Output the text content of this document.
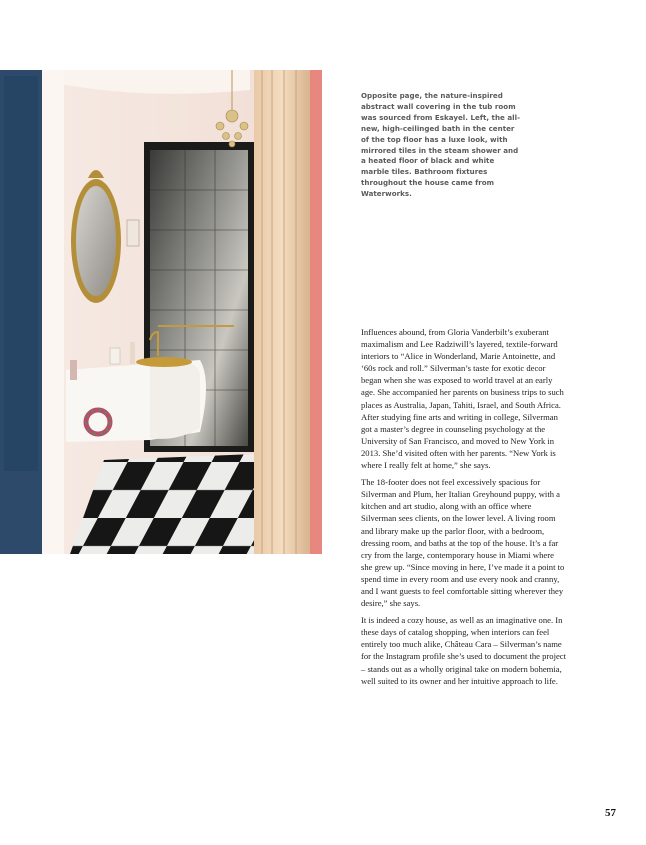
Opposite page, the nature-inspired abstract wall covering in the tub room was sourced from Eskayel. Left, the all-new, high-ceilinged bath in the center of the top floor has a luxe look, with mirrored tiles in the steam shower and a heated floor of black and white marble tiles. Bathroom fixtures throughout the house came from Waterworks.

Influences abound, from Gloria Vanderbilt’s exuberant maximalism and Lee Radziwill’s layered, textile-forward interiors to “Alice in Wonderland, Marie Antoinette, and ‘60s rock and roll.” Silverman’s taste for exotic decor began when she was exposed to world travel at an early age. She accompanied her parents on business trips to such places as Australia, Japan, Tahiti, Israel, and South Africa. After studying fine arts and writing in college, Silverman got a master’s degree in counseling psychology at the University of San Francisco, and moved to New York in 2013. She’d visited often with her parents. “New York is where I really felt at home,” she says.

The 18-footer does not feel excessively spacious for Silverman and Plum, her Italian Greyhound puppy, with a kitchen and art studio, along with an office where Silverman sees clients, on the lower level. A living room and library make up the parlor floor, with a bedroom, dressing room, and baths at the top of the house. It’s a far cry from the large, contemporary house in Miami where she grew up. “Since moving in here, I’ve made it a point to spend time in every room and use every nook and cranny, and I want guests to feel comfortable sitting wherever they desire,” she says.

It is indeed a cozy house, as well as an imaginative one. In these days of catalog shopping, when interiors can feel entirely too much alike, Château Cara – Silverman’s name for the Instagram profile she’s used to document the project – stands out as a wholly original take on modern bohemia, well suited to its owner and her intuitive approach to life.

57
